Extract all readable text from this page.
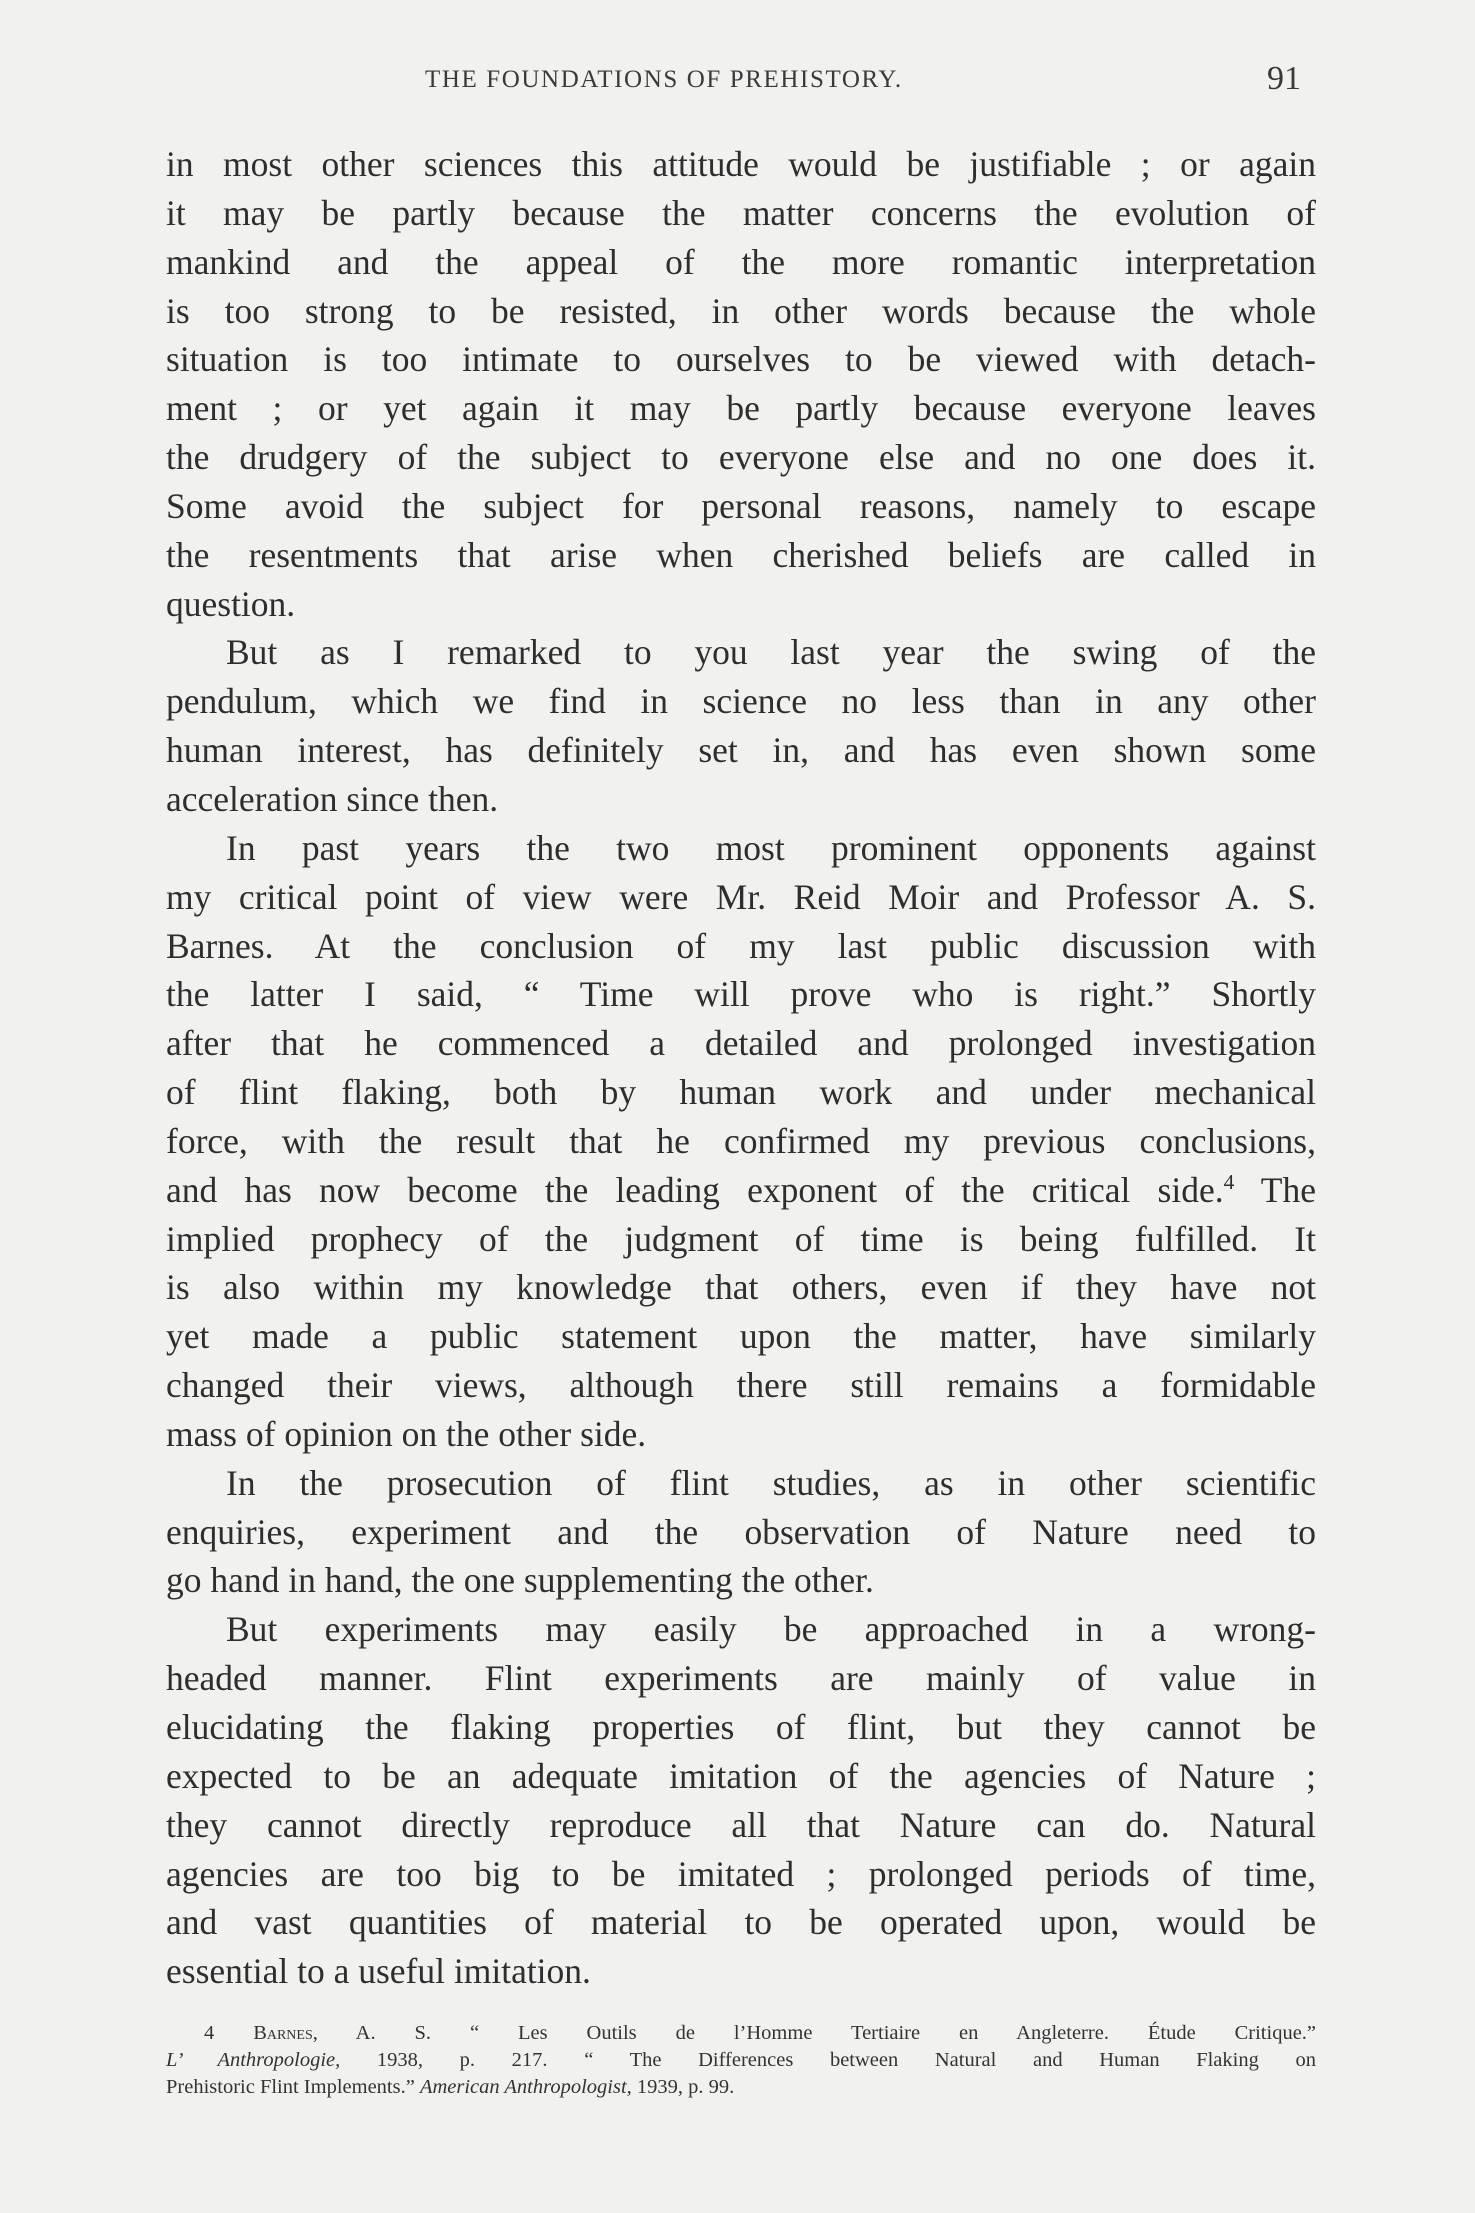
THE FOUNDATIONS OF PREHISTORY.	91
in most other sciences this attitude would be justifiable ; or again
it may be partly because the matter concerns the evolution of
mankind and the appeal of the more romantic interpretation
is too strong to be resisted, in other words because the whole
situation is too intimate to ourselves to be viewed with detach-
ment ; or yet again it may be partly because everyone leaves
the drudgery of the subject to everyone else and no one does it.
Some avoid the subject for personal reasons, namely to escape
the resentments that arise when cherished beliefs are called in
question.
But as I remarked to you last year the swing of the
pendulum, which we find in science no less than in any other
human interest, has definitely set in, and has even shown some
acceleration since then.
In past years the two most prominent opponents against
my critical point of view were Mr. Reid Moir and Professor A. S.
Barnes. At the conclusion of my last public discussion with
the latter I said, “ Time will prove who is right.” Shortly
after that he commenced a detailed and prolonged investigation
of flint flaking, both by human work and under mechanical
force, with the result that he confirmed my previous conclusions,
and has now become the leading exponent of the critical side.$^4$ The
implied prophecy of the judgment of time is being fulfilled. It
is also within my knowledge that others, even if they have not
yet made a public statement upon the matter, have similarly
changed their views, although there still remains a formidable
mass of opinion on the other side.
In the prosecution of flint studies, as in other scientific
enquiries, experiment and the observation of Nature need to
go hand in hand, the one supplementing the other.
But experiments may easily be approached in a wrong-
headed manner. Flint experiments are mainly of value in
elucidating the flaking properties of flint, but they cannot be
expected to be an adequate imitation of the agencies of Nature ;
they cannot directly reproduce all that Nature can do. Natural
agencies are too big to be imitated ; prolonged periods of time,
and vast quantities of material to be operated upon, would be
essential to a useful imitation.
4 Barnes, A. S. “ Les Outils de l’Homme Tertiaire en Angleterre. Étude Critique.”
L’ Anthropologie, 1938, p. 217. “ The Differences between Natural and Human Flaking on
Prehistoric Flint Implements.” American Anthropologist, 1939, p. 99.
